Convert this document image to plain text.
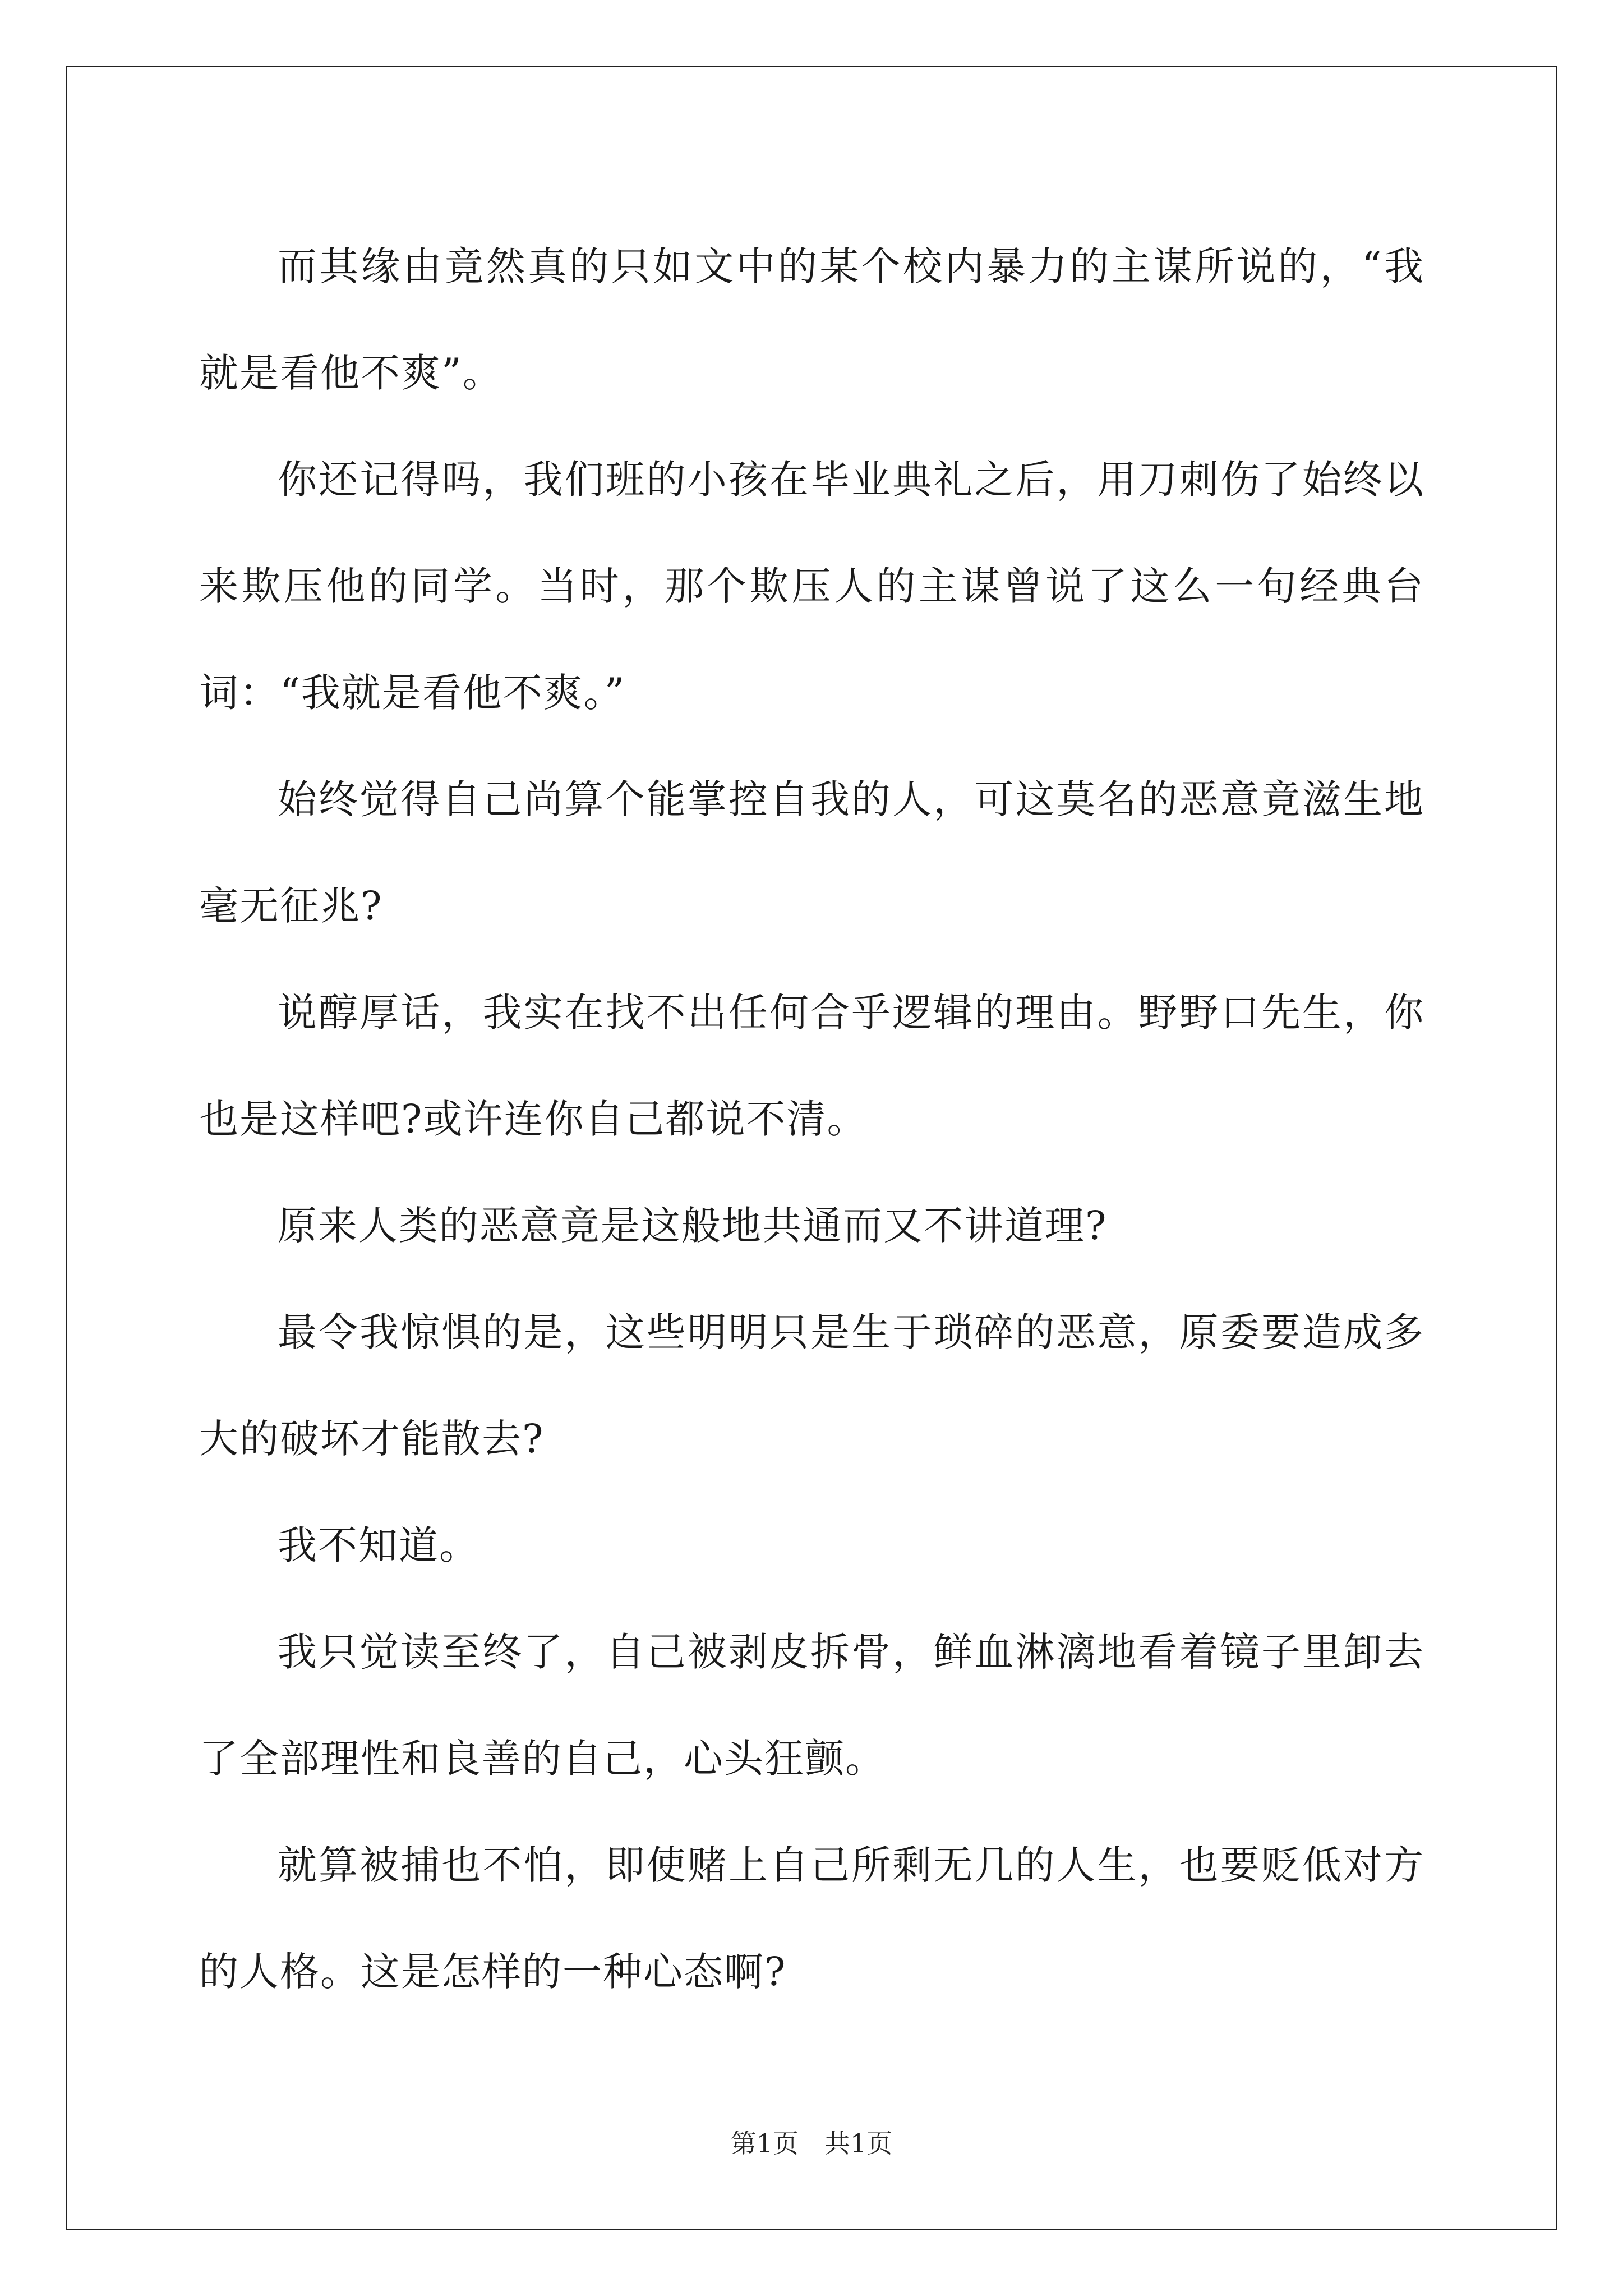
而其缘由竟然真的只如文中的某个校内暴力的主谋所说的，“我就是看他不爽”。

你还记得吗，我们班的小孩在毕业典礼之后，用刀刺伤了始终以来欺压他的同学。当时，那个欺压人的主谋曾说了这么一句经典台词：“我就是看他不爽。”

始终觉得自己尚算个能掌控自我的人，可这莫名的恶意竟滋生地毫无征兆?

说醇厚话，我实在找不出任何合乎逻辑的理由。野野口先生，你也是这样吧?或许连你自己都说不清。

原来人类的恶意竟是这般地共通而又不讲道理?

最令我惊惧的是，这些明明只是生于琐碎的恶意，原委要造成多大的破坏才能散去?

我不知道。

我只觉读至终了，自己被剥皮拆骨，鲜血淋漓地看着镜子里卸去了全部理性和良善的自己，心头狂颤。

就算被捕也不怕，即使赌上自己所剩无几的人生，也要贬低对方的人格。这是怎样的一种心态啊?

第1页 共1页
